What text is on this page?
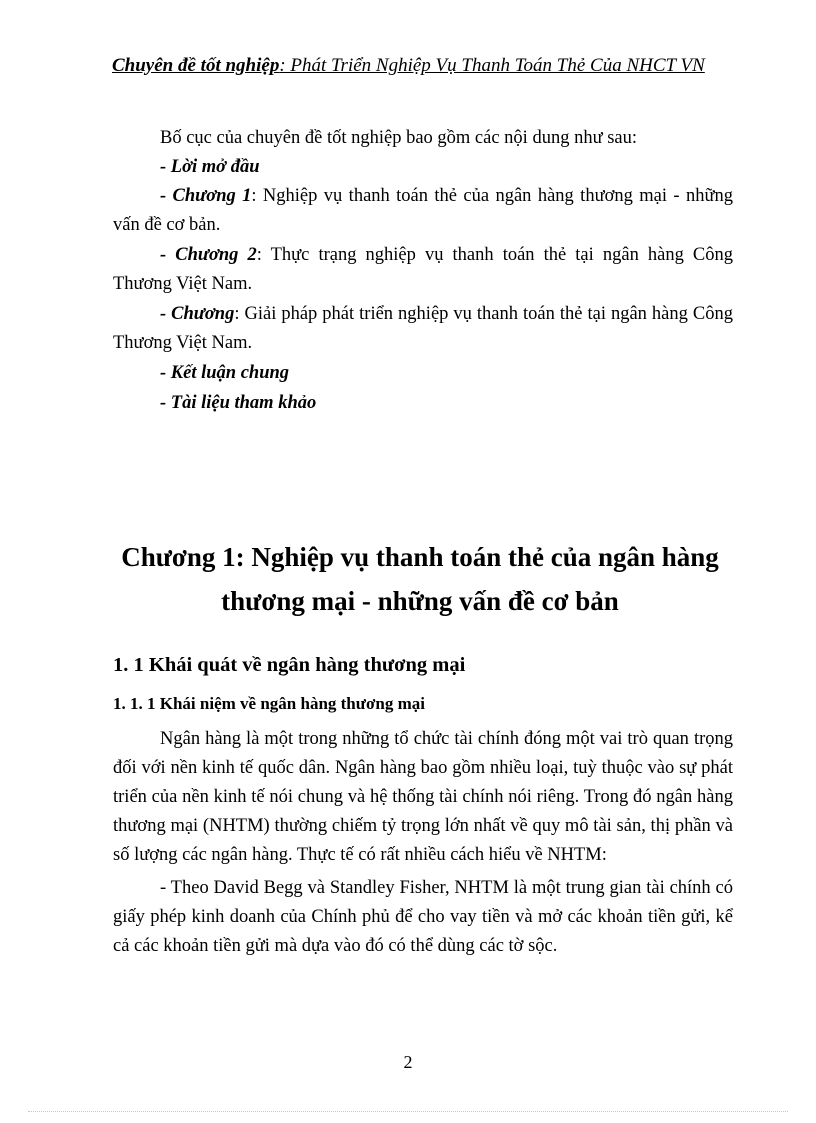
Chuyên đề tốt nghiệp: Phát Triển Nghiệp Vụ Thanh Toán Thẻ Của NHCT VN
Bố cục của chuyên đề tốt nghiệp bao gồm các nội dung như sau:
- Lời mở đầu
- Chương 1: Nghiệp vụ thanh toán thẻ của ngân hàng thương mại - những vấn đề cơ bản.
- Chương 2: Thực trạng nghiệp vụ thanh toán thẻ tại ngân hàng Công Thương Việt Nam.
- Chương: Giải pháp phát triển nghiệp vụ thanh toán thẻ tại ngân hàng Công Thương Việt Nam.
- Kết luận chung
- Tài liệu tham khảo
Chương 1: Nghiệp vụ thanh toán thẻ của ngân hàng
thương mại - những vấn đề cơ bản
1. 1 Khái quát về ngân hàng thương mại
1. 1. 1 Khái niệm về ngân hàng thương mại
Ngân hàng là một trong những tổ chức tài chính đóng một vai trò quan trọng đối với nền kinh tế quốc dân. Ngân hàng bao gồm nhiều loại, tuỳ thuộc vào sự phát triển của nền kinh tế nói chung và hệ thống tài chính nói riêng. Trong đó ngân hàng thương mại (NHTM) thường chiếm tỷ trọng lớn nhất về quy mô tài sản, thị phần và số lượng các ngân hàng. Thực tế có rất nhiều cách hiểu về NHTM:
- Theo David Begg và Standley Fisher, NHTM là một trung gian tài chính có giấy phép kinh doanh của Chính phủ để cho vay tiền và mở các khoản tiền gửi, kể cả các khoản tiền gửi mà dựa vào đó có thể dùng các tờ sộc.
2
